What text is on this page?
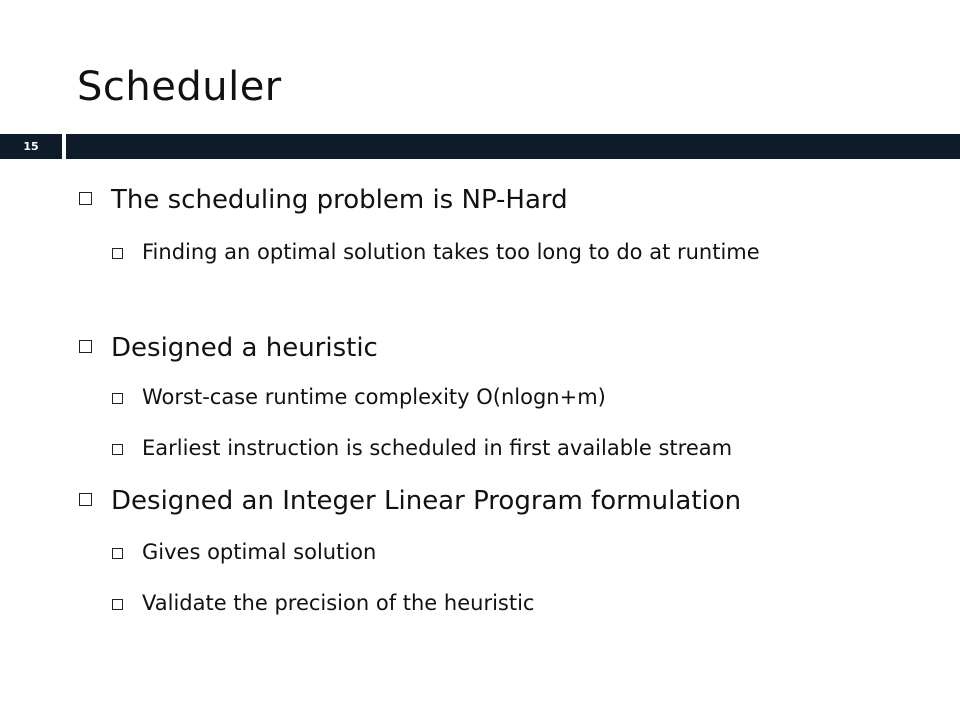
Scheduler
15
The scheduling problem is NP-Hard
Finding an optimal solution takes too long to do at runtime
Designed a heuristic
Worst-case runtime complexity O(nlogn+m)
Earliest instruction is scheduled in first available stream
Designed an Integer Linear Program formulation
Gives optimal solution
Validate the precision of the heuristic
